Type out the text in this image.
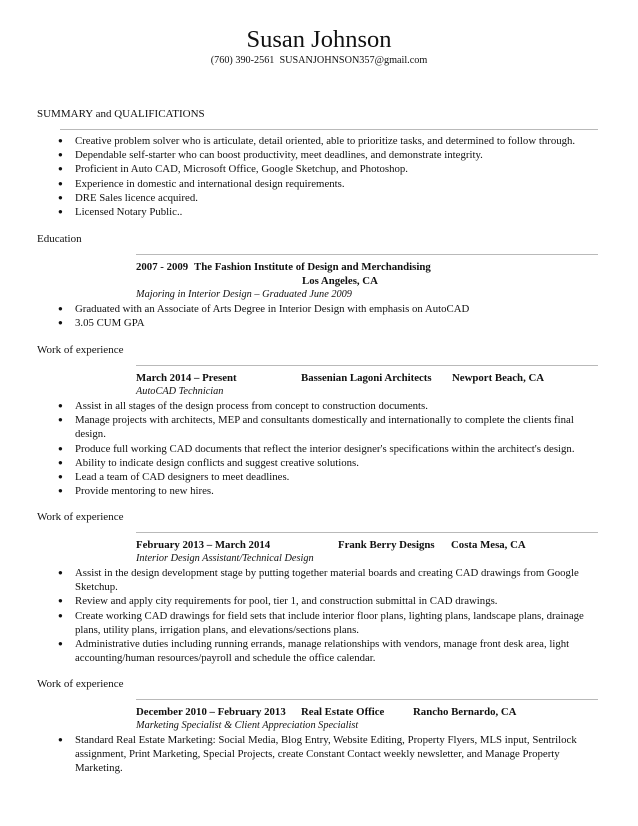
Susan Johnson
(760) 390-2561  SUSANJOHNSON357@gmail.com
SUMMARY and QUALIFICATIONS
● Creative problem solver who is articulate, detail oriented, able to prioritize tasks, and determined to follow through.
● Dependable self-starter who can boost productivity, meet deadlines, and demonstrate integrity.
● Proficient in Auto CAD, Microsoft Office, Google Sketchup, and Photoshop.
● Experience in domestic and international design requirements.
● DRE Sales licence acquired.
● Licensed Notary Public..
Education
2007 - 2009 The Fashion Institute of Design and Merchandising
Los Angeles, CA
Majoring in Interior Design – Graduated June 2009
● Graduated with an Associate of Arts Degree in Interior Design with emphasis on AutoCAD
● 3.05 CUM GPA
Work of experience
March 2014 – Present	Bassenian Lagoni Architects Newport Beach, CA
AutoCAD Technician
● Assist in all stages of the design process from concept to construction documents.
● Manage projects with architects, MEP and consultants domestically and internationally to complete the clients final design.
● Produce full working CAD documents that reflect the interior designer's specifications within the architect's design.
● Ability to indicate design conflicts and suggest creative solutions.
● Lead a team of CAD designers to meet deadlines.
● Provide mentoring to new hires.
Work of experience
February 2013 – March 2014	Frank Berry Designs Costa Mesa, CA
Interior Design Assistant/Technical Design
● Assist in the design development stage by putting together material boards and creating CAD drawings from Google Sketchup.
● Review and apply city requirements for pool, tier 1, and construction submittal in CAD drawings.
● Create working CAD drawings for field sets that include interior floor plans, lighting plans, landscape plans, drainage plans, utility plans, irrigation plans, and elevations/sections plans.
● Administrative duties including running errands, manage relationships with vendors, manage front desk area, light accounting/human resources/payroll and schedule the office calendar.
Work of experience
December 2010 – February 2013 Real Estate Office	Rancho Bernardo, CA
Marketing Specialist & Client Appreciation Specialist
● Standard Real Estate Marketing: Social Media, Blog Entry, Website Editing, Property Flyers, MLS input, Sentrilock assignment, Print Marketing, Special Projects, create Constant Contact weekly newsletter, and Manage Property Marketing.
